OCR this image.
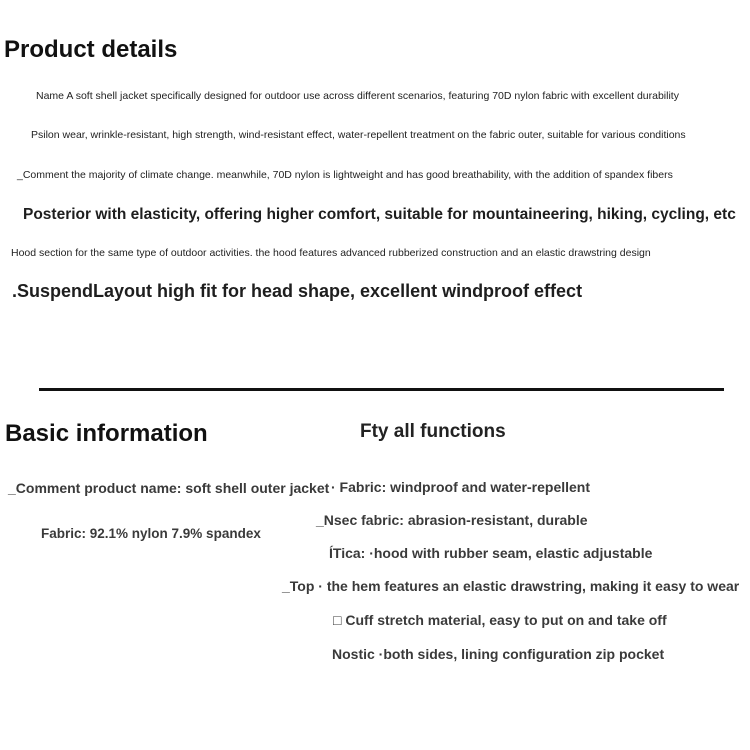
Product details
Name A soft shell jacket specifically designed for outdoor use across different scenarios, featuring 70D nylon fabric with excellent durability
Psilon wear, wrinkle-resistant, high strength, wind-resistant effect, water-repellent treatment on the fabric outer, suitable for various conditions
_Comment the majority of climate change. meanwhile, 70D nylon is lightweight and has good breathability, with the addition of spandex fibers
Posterior with elasticity, offering higher comfort, suitable for mountaineering, hiking, cycling, etc
Hood section for the same type of outdoor activities. the hood features advanced rubberized construction and an elastic drawstring design
.SuspendLayout high fit for head shape, excellent windproof effect
Basic information
_Comment product name: soft shell outer jacket
Fabric: 92.1% nylon 7.9% spandex
Fty all functions
· Fabric: windproof and water-repellent
_Nsec fabric: abrasion-resistant, durable
ÍTica: ·hood with rubber seam, elastic adjustable
_Top · the hem features an elastic drawstring, making it easy to wear
□ Cuff stretch material, easy to put on and take off
Nostic ·both sides, lining configuration zip pocket
